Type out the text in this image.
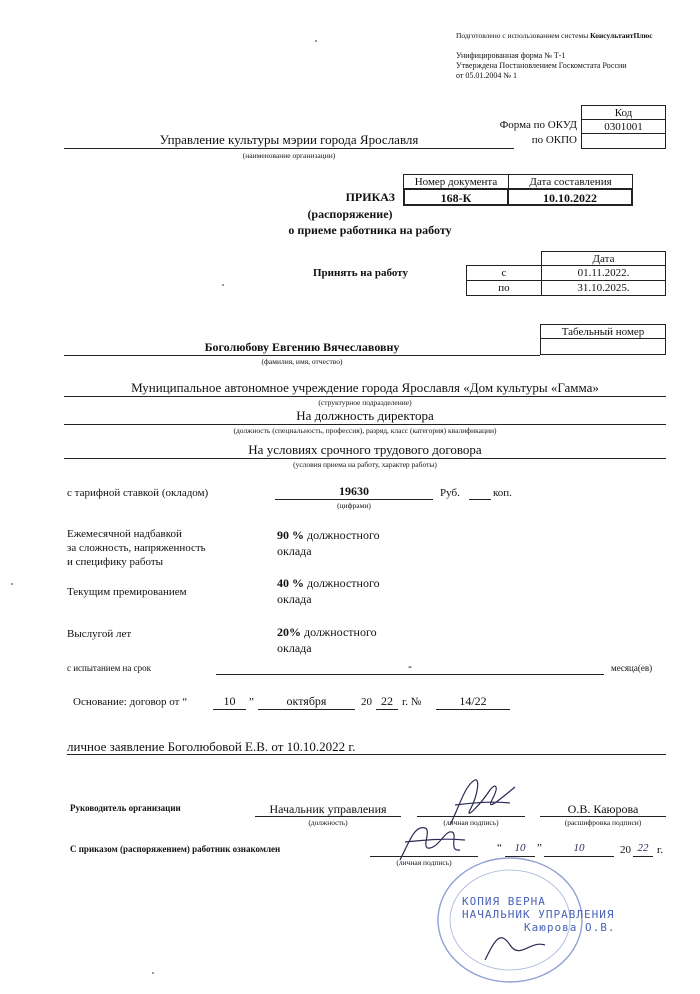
Подготовлено с использованием системы КонсультантПлюс
Унифицированная форма № Т-1
Утверждена Постановлением Госкомстата России
от 05.01.2004 № 1
Код
0301001
Форма по ОКУД
по ОКПО
Управление культуры мэрии города Ярославля
(наименование организации)
Номер документа	Дата составления
168-К	10.10.2022
ПРИКАЗ
(распоряжение)
о приеме работника на работу
Дата
с	01.11.2022.
по	31.10.2025.
Принять на работу
Табельный номер
Боголюбову Евгению Вячеславовну
(фамилия, имя, отчество)
Муниципальное автономное учреждение города Ярославля «Дом культуры «Гамма»
(структурное подразделение)
На должность директора
(должность (специальность, профессия), разряд, класс (категория) квалификации)
На условиях срочного трудового договора
(условия приема на работу, характер работы)
с тарифной ставкой (окладом)	19630
(цифрами)
Руб.	коп.
Ежемесячной надбавкой
за сложность, напряженность
и специфику работы
90 % должностного
оклада
Текущим премированием
40 % должностного
оклада
Выслугой лет	20% должностного
оклада
с испытанием на срок	-	месяца(ев)
Основание: договор от “	10	”	октября	20 22 г. №	14/22
личное заявление Боголюбовой Е.В. от 10.10.2022 г.
Руководитель организации	Начальник управления
(должность)	(личная подпись)
О.В. Каюрова
(расшифровка подписи)
С приказом (распоряжением) работник ознакомлен
(личная подпись)
“	10	”	10	20 22 г.
КОПИЯ ВЕРНА
НАЧАЛЬНИК УПРАВЛЕНИЯ
Каюрова О.В.
